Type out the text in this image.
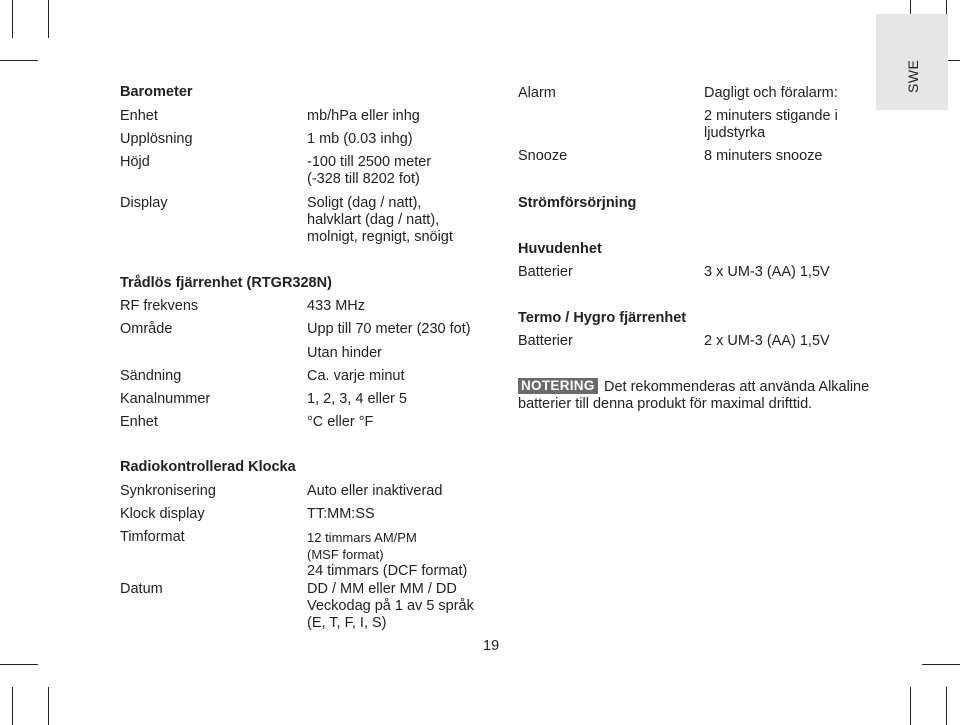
SWE
Barometer
Enhet	mb/hPa eller inhg
Upplösning	1 mb (0.03 inhg)
Höjd	-100 till 2500 meter
(-328 till 8202 fot)
Display	Soligt (dag / natt),
halvklart (dag / natt),
molnigt, regnigt, snöigt
Trådlös fjärrenhet (RTGR328N)
RF frekvens	433 MHz
Område	Upp till 70 meter (230 fot)
Utan hinder
Sändning	Ca. varje minut
Kanalnummer	1, 2, 3, 4 eller 5
Enhet	°C eller °F
Radiokontrollerad Klocka
Synkronisering	Auto eller inaktiverad
Klock display	TT:MM:SS
Timformat	12 timmars AM/PM
(MSF format)
24 timmars (DCF format)
Datum	DD / MM eller MM / DD
Veckodag på 1 av 5 språk
(E, T, F, I, S)
Alarm	Dagligt och föralarm:
2 minuters stigande i
ljudstyrka
Snooze	8 minuters snooze
Strömförsörjning
Huvudenhet
Batterier	3 x UM-3 (AA) 1,5V
Termo / Hygro fjärrenhet
Batterier	2 x UM-3 (AA) 1,5V
NOTERING Det rekommenderas att använda Alkaline
batterier till denna produkt för maximal drifttid.
19
